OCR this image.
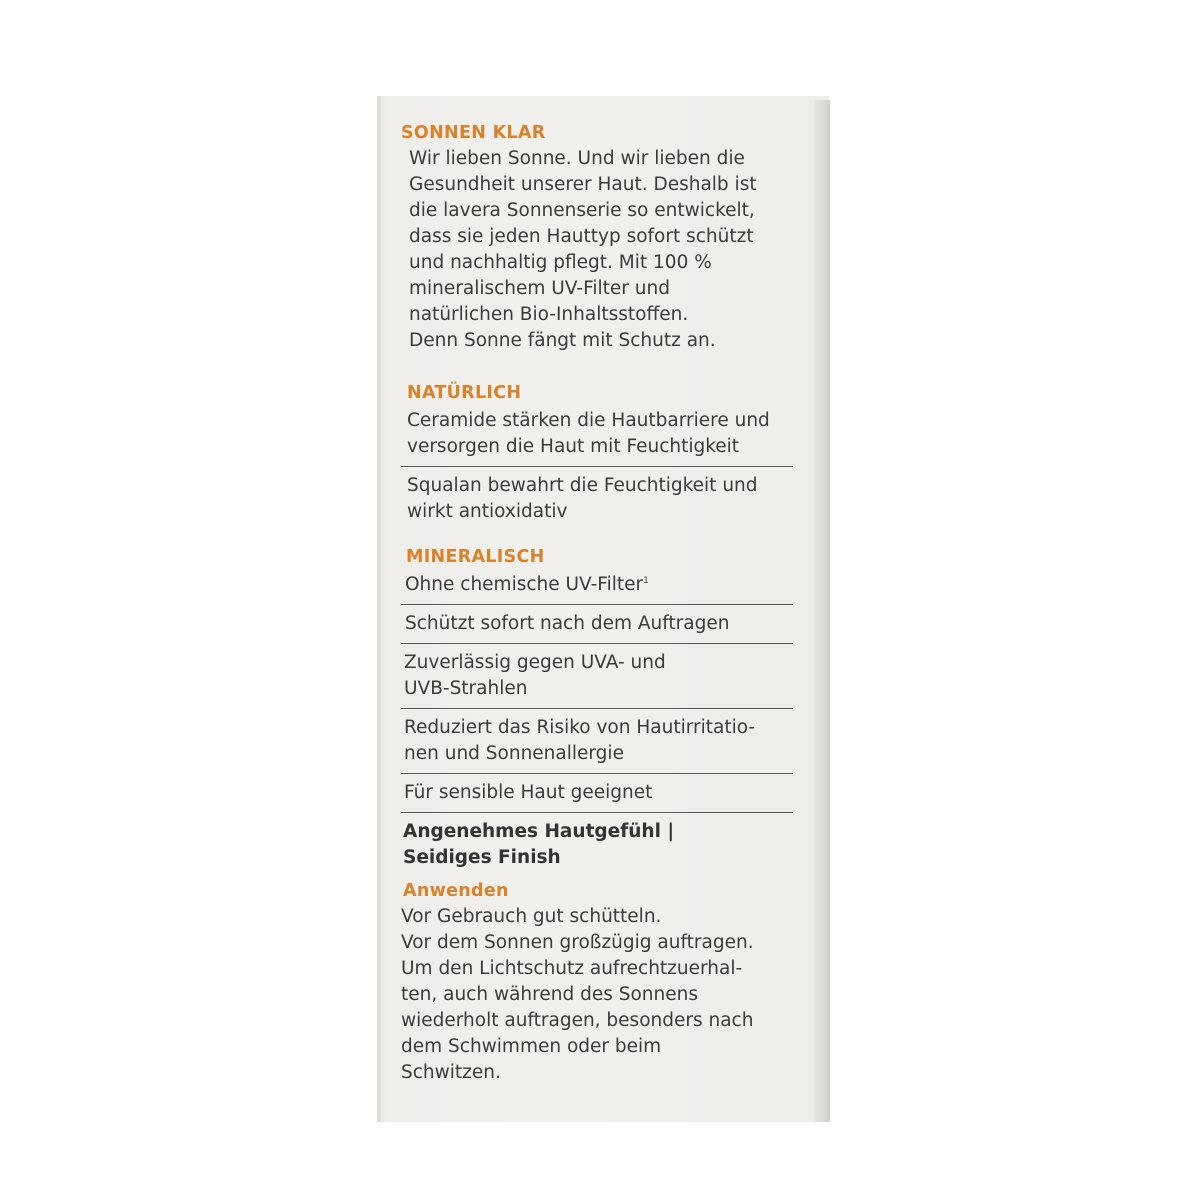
SONNEN KLAR
Wir lieben Sonne. Und wir lieben die
Gesundheit unserer Haut. Deshalb ist
die lavera Sonnenserie so entwickelt,
dass sie jeden Hauttyp sofort schützt
und nachhaltig pflegt. Mit 100 %
mineralischem UV-Filter und
natürlichen Bio-Inhaltsstoffen.
Denn Sonne fängt mit Schutz an.
NATÜRLICH
Ceramide stärken die Hautbarriere und
versorgen die Haut mit Feuchtigkeit
Squalan bewahrt die Feuchtigkeit und
wirkt antioxidativ
MINERALISCH
Ohne chemische UV-Filter$^1$
Schützt sofort nach dem Auftragen
Zuverlässig gegen UVA- und
UVB-Strahlen
Reduziert das Risiko von Hautirritatio-
nen und Sonnenallergie
Für sensible Haut geeignet
Angenehmes Hautgefühl |
Seidiges Finish
Anwenden
Vor Gebrauch gut schütteln.
Vor dem Sonnen großzügig auftragen.
Um den Lichtschutz aufrechtzuerhal-
ten, auch während des Sonnens
wiederholt auftragen, besonders nach
dem Schwimmen oder beim
Schwitzen.
